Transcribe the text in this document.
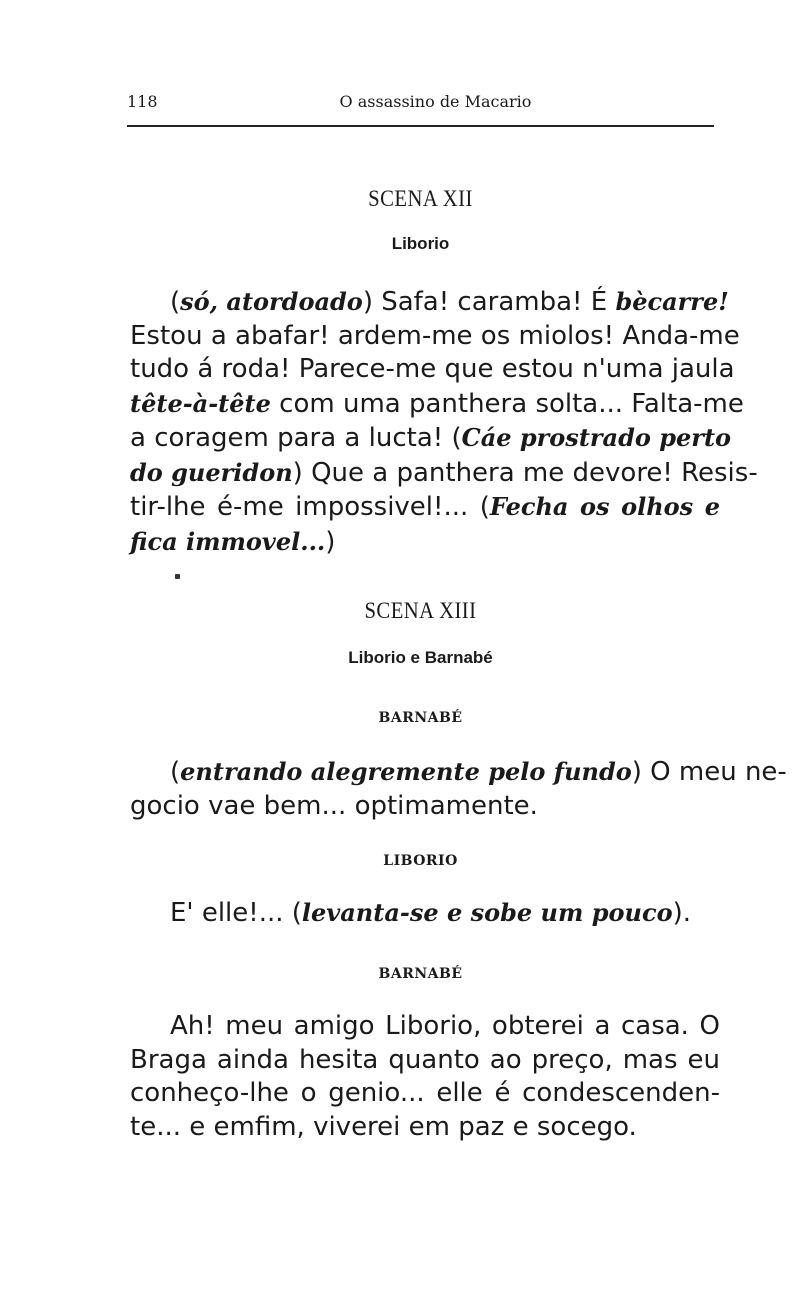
118	O assassino de Macario
SCENA XII
Liborio
(só, atordoado) Safa! caramba! É bècarre!
Estou a abafar! ardem-me os miolos! Anda-me
tudo á roda! Parece-me que estou n'uma jaula
tête-à-tête com uma panthera solta... Falta-me
a coragem para a lucta! (Cáe prostrado perto
do gueridon) Que a panthera me devore! Resis-
tir-lhe é-me impossivel!... (Fecha os olhos e
fica immovel...)
SCENA XIII
Liborio e Barnabé
BARNABÉ
(entrando alegremente pelo fundo) O meu ne-
gocio vae bem... optimamente.
LIBORIO
E' elle!... (levanta-se e sobe um pouco).
BARNABÉ
Ah! meu amigo Liborio, obterei a casa. O
Braga ainda hesita quanto ao preço, mas eu
conheço-lhe o genio... elle é condescenden-
te... e emfim, viverei em paz e socego.
